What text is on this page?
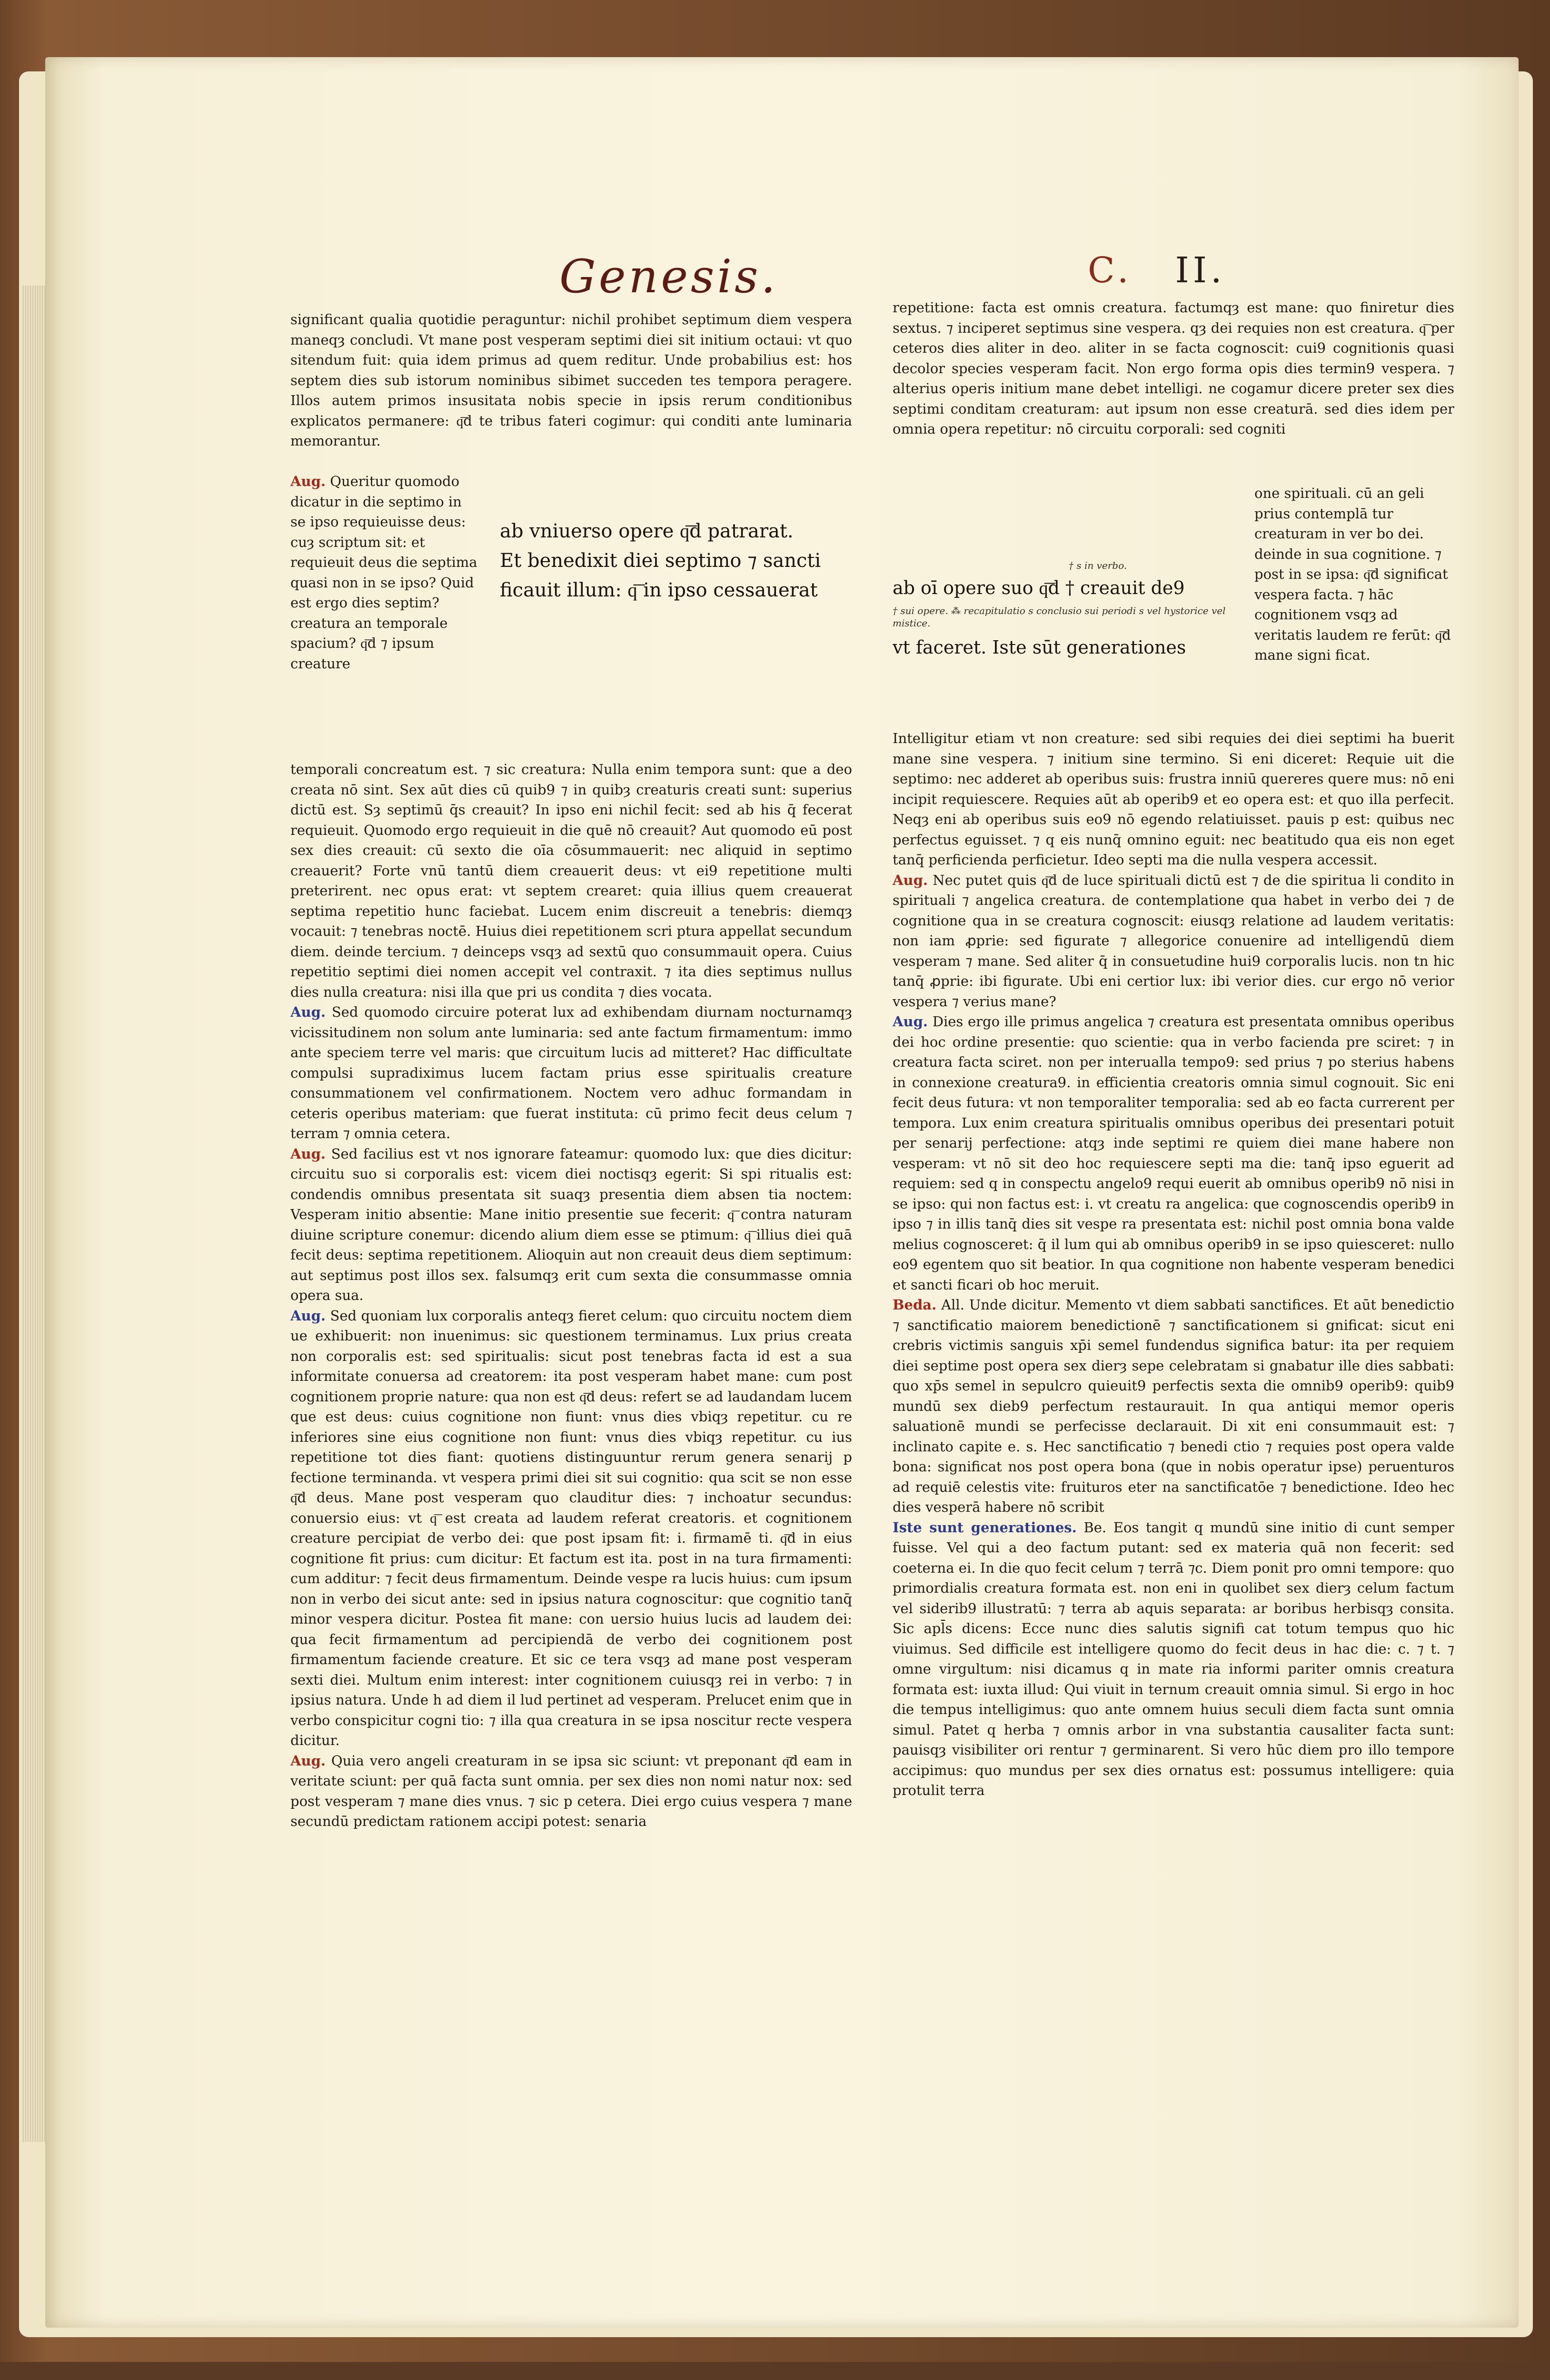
Genesis.	C. II.

significant qualia quotidie peraguntur: nichil prohibet septimum diem vespera maneqȝ concludi. Vt mane post vesperam septimi diei sit initium octaui: vt quo sitendum fuit: quia idem primus ad quem reditur. Unde probabilius est: hos septem dies sub istorum nominibus sibimet succeden tes tempora peragere. Illos autem primos insusitata nobis specie in ipsis rerum conditionibus explicatos permanere: q͞d te tribus fateri cogimur: qui conditi ante luminaria memorantur.

Aug. Queritur quomodo dicatur in die septimo in se ipso requieuisse deus: cuȝ scriptum sit: et requieuit deus die septima quasi non in se ipso? Quid est ergo dies septim? creatura an temporale spacium? q͞d ⁊ ipsum creature
ab vniuerso opere q͞d patrarat.
Et benedixit diei septimo ⁊ sancti
ficauit illum: q͞ in ipso cessauerat

temporali concreatum est. ⁊ sic creatura: Nulla enim tempora sunt: que a deo creata nō sint. Sex aūt dies cū quib9 ⁊ in quibȝ creaturis creati sunt: superius dictū est. Sȝ septimū q̄s creauit? In ipso eni nichil fecit: sed ab his q̄ fecerat requieuit. Quomodo ergo requieuit in die quē nō creauit? Aut quomodo eū post sex dies creauit: cū sexto die oīa cōsummauerit: nec aliquid in septimo creauerit? Forte vnū tantū diem creauerit deus: vt ei9 repetitione multi preterirent. nec opus erat: vt septem crearet: quia illius quem creauerat septima repetitio hunc faciebat. Lucem enim discreuit a tenebris: diemqȝ vocauit: ⁊ tenebras noctē. Huius diei repetitionem scri ptura appellat secundum diem. deinde tercium. ⁊ deinceps vsqȝ ad sextū quo consummauit opera. Cuius repetitio septimi diei nomen accepit vel contraxit. ⁊ ita dies septimus nullus dies nulla creatura: nisi illa que pri us condita ⁊ dies vocata.

Aug. Sed quomodo circuire poterat lux ad exhibendam diurnam nocturnamqȝ vicissitudinem non solum ante luminaria: sed ante factum firmamentum: immo ante speciem terre vel maris: que circuitum lucis ad mitteret? Hac difficultate compulsi supradiximus lucem factam prius esse spiritualis creature consummationem vel confirmationem. Noctem vero adhuc formandam in ceteris operibus materiam: que fuerat instituta: cū primo fecit deus celum ⁊ terram ⁊ omnia cetera.

Aug. Sed facilius est vt nos ignorare fateamur: quomodo lux: que dies dicitur: circuitu suo si corporalis est: vicem diei noctisqȝ egerit: Si spi ritualis est: condendis omnibus presentata sit suaqȝ presentia diem absen tia noctem: Vesperam initio absentie: Mane initio presentie sue fecerit: q͞ contra naturam diuine scripture conemur: dicendo alium diem esse se ptimum: q͞ illius diei quā fecit deus: septima repetitionem. Alioquin aut non creauit deus diem septimum: aut septimus post illos sex. falsumqȝ erit cum sexta die consummasse omnia opera sua.

Aug. Sed quoniam lux corporalis anteqȝ fieret celum: quo circuitu noctem diem ue exhibuerit: non inuenimus: sic questionem terminamus. Lux prius creata non corporalis est: sed spiritualis: sicut post tenebras facta id est a sua informitate conuersa ad creatorem: ita post vesperam habet mane: cum post cognitionem proprie nature: qua non est q͞d deus: refert se ad laudandam lucem que est deus: cuius cognitione non fiunt: vnus dies vbiqȝ repetitur. cu re inferiores sine eius cognitione non fiunt: vnus dies vbiqȝ repetitur. cu ius repetitione tot dies fiant: quotiens distinguuntur rerum genera senarij p fectione terminanda. vt vespera primi diei sit sui cognitio: qua scit se non esse q͞d deus. Mane post vesperam quo clauditur dies: ⁊ inchoatur secundus: conuersio eius: vt q͞ est creata ad laudem referat creatoris. et cognitionem creature percipiat de verbo dei: que post ipsam fit: i. firmamē ti. q͞d in eius cognitione fit prius: cum dicitur: Et factum est ita. post in na tura firmamenti: cum additur: ⁊ fecit deus firmamentum. Deinde vespe ra lucis huius: cum ipsum non in verbo dei sicut ante: sed in ipsius natura cognoscitur: que cognitio tanq̄ minor vespera dicitur. Postea fit mane: con uersio huius lucis ad laudem dei: qua fecit firmamentum ad percipiendā de verbo dei cognitionem post firmamentum faciende creature. Et sic ce tera vsqȝ ad mane post vesperam sexti diei. Multum enim interest: inter cognitionem cuiusqȝ rei in verbo: ⁊ in ipsius natura. Unde h ad diem il lud pertinet ad vesperam. Prelucet enim que in verbo conspicitur cogni tio: ⁊ illa qua creatura in se ipsa noscitur recte vespera dicitur.

Aug. Quia vero angeli creaturam in se ipsa sic sciunt: vt preponant q͞d eam in veritate sciunt: per quā facta sunt omnia. per sex dies non nomi natur nox: sed post vesperam ⁊ mane dies vnus. ⁊ sic p cetera. Diei ergo cuius vespera ⁊ mane secundū predictam rationem accipi potest: senaria

repetitione: facta est omnis creatura. factumqȝ est mane: quo finiretur dies sextus. ⁊ inciperet septimus sine vespera. qȝ dei requies non est creatura. q͞ per ceteros dies aliter in deo. aliter in se facta cognoscit: cui9 cognitionis quasi decolor species vesperam facit. Non ergo forma opis dies termin9 vespera. ⁊ alterius operis initium mane debet intelligi. ne cogamur dicere preter sex dies septimi conditam creaturam: aut ipsum non esse creaturā. sed dies idem per omnia opera repetitur: nō circuitu corporali: sed cogniti

one spirituali. cū an geli prius contemplā tur creaturam in ver bo dei. deinde in sua cognitione. ⁊ post in se ipsa: q͞d significat vespera facta. ⁊ hāc cognitionem vsqȝ ad veritatis laudem re ferūt: q͞d mane signi ficat.
† s in verbo.
ab oī opere suo q͞d † creauit de9
† sui opere. ⁂ recapitulatio s conclusio sui periodi s vel hystorice vel mistice.
vt faceret. Iste sūt generationes

Intelligitur etiam vt non creature: sed sibi requies dei diei septimi ha buerit mane sine vespera. ⁊ initium sine termino. Si eni diceret: Requie uit die septimo: nec adderet ab operibus suis: frustra inniū quereres quere mus: nō eni incipit requiescere. Requies aūt ab operib9 et eo opera est: et quo illa perfecit. Neqȝ eni ab operibus suis eo9 nō egendo relatiuisset. pauis p est: quibus nec perfectus eguisset. ⁊ q eis nunq̄ omnino eguit: nec beatitudo qua eis non eget tanq̄ perficienda perficietur. Ideo septi ma die nulla vespera accessit.

Aug. Nec putet quis q͞d de luce spirituali dictū est ⁊ de die spiritua li condito in spirituali ⁊ angelica creatura. de contemplatione qua habet in verbo dei ⁊ de cognitione qua in se creatura cognoscit: eiusqȝ relatione ad laudem veritatis: non iam ꝓprie: sed figurate ⁊ allegorice conuenire ad intelligendū diem vesperam ⁊ mane. Sed aliter q̄ in consuetudine hui9 corporalis lucis. non tn hic tanq̄ ꝓprie: ibi figurate. Ubi eni certior lux: ibi verior dies. cur ergo nō verior vespera ⁊ verius mane?

Aug. Dies ergo ille primus angelica ⁊ creatura est presentata omnibus operibus dei hoc ordine presentie: quo scientie: qua in verbo facienda pre sciret: ⁊ in creatura facta sciret. non per interualla tempo9: sed prius ⁊ po sterius habens in connexione creatura9. in efficientia creatoris omnia simul cognouit. Sic eni fecit deus futura: vt non temporaliter temporalia: sed ab eo facta currerent per tempora. Lux enim creatura spiritualis omnibus operibus dei presentari potuit per senarij perfectione: atqȝ inde septimi re quiem diei mane habere non vesperam: vt nō sit deo hoc requiescere septi ma die: tanq̄ ipso eguerit ad requiem: sed q in conspectu angelo9 requi euerit ab omnibus operib9 nō nisi in se ipso: qui non factus est: i. vt creatu ra angelica: que cognoscendis operib9 in ipso ⁊ in illis tanq̄ dies sit vespe ra presentata est: nichil post omnia bona valde melius cognosceret: q̄ il lum qui ab omnibus operib9 in se ipso quiesceret: nullo eo9 egentem quo sit beatior. In qua cognitione non habente vesperam benedici et sancti ficari ob hoc meruit.

Beda. All. Unde dicitur. Memento vt diem sabbati sanctifices. Et aūt benedictio ⁊ sanctificatio maiorem benedictionē ⁊ sanctificationem si gnificat: sicut eni crebris victimis sanguis xp̄i semel fundendus significa batur: ita per requiem diei septime post opera sex dierȝ sepe celebratam si gnabatur ille dies sabbati: quo xp̄s semel in sepulcro quieuit9 perfectis sexta die omnib9 operib9: quib9 mundū sex dieb9 perfectum restaurauit. In qua antiqui memor operis saluationē mundi se perfecisse declarauit. Di xit eni consummauit est: ⁊ inclinato capite e. s. Hec sanctificatio ⁊ benedi ctio ⁊ requies post opera valde bona: significat nos post opera bona (que in nobis operatur ipse) peruenturos ad requiē celestis vite: fruituros eter na sanctificatōe ⁊ benedictione. Ideo hec dies vesperā habere nō scribit

Iste sunt generationes. Be. Eos tangit q mundū sine initio di cunt semper fuisse. Vel qui a deo factum putant: sed ex materia quā non fecerit: sed coeterna ei. In die quo fecit celum ⁊ terrā ⁊c. Diem ponit pro omni tempore: quo primordialis creatura formata est. non eni in quolibet sex dierȝ celum factum vel siderib9 illustratū: ⁊ terra ab aquis separata: ar boribus herbisqȝ consita. Sic apl̄s dicens: Ecce nunc dies salutis signifi cat totum tempus quo hic viuimus. Sed difficile est intelligere quomo do fecit deus in hac die: c. ⁊ t. ⁊ omne virgultum: nisi dicamus q in mate ria informi pariter omnis creatura formata est: iuxta illud: Qui viuit in ternum creauit omnia simul. Si ergo in hoc die tempus intelligimus: quo ante omnem huius seculi diem facta sunt omnia simul. Patet q herba ⁊ omnis arbor in vna substantia causaliter facta sunt: pauisqȝ visibiliter ori rentur ⁊ germinarent. Si vero hūc diem pro illo tempore accipimus: quo mundus per sex dies ornatus est: possumus intelligere: quia protulit terra
